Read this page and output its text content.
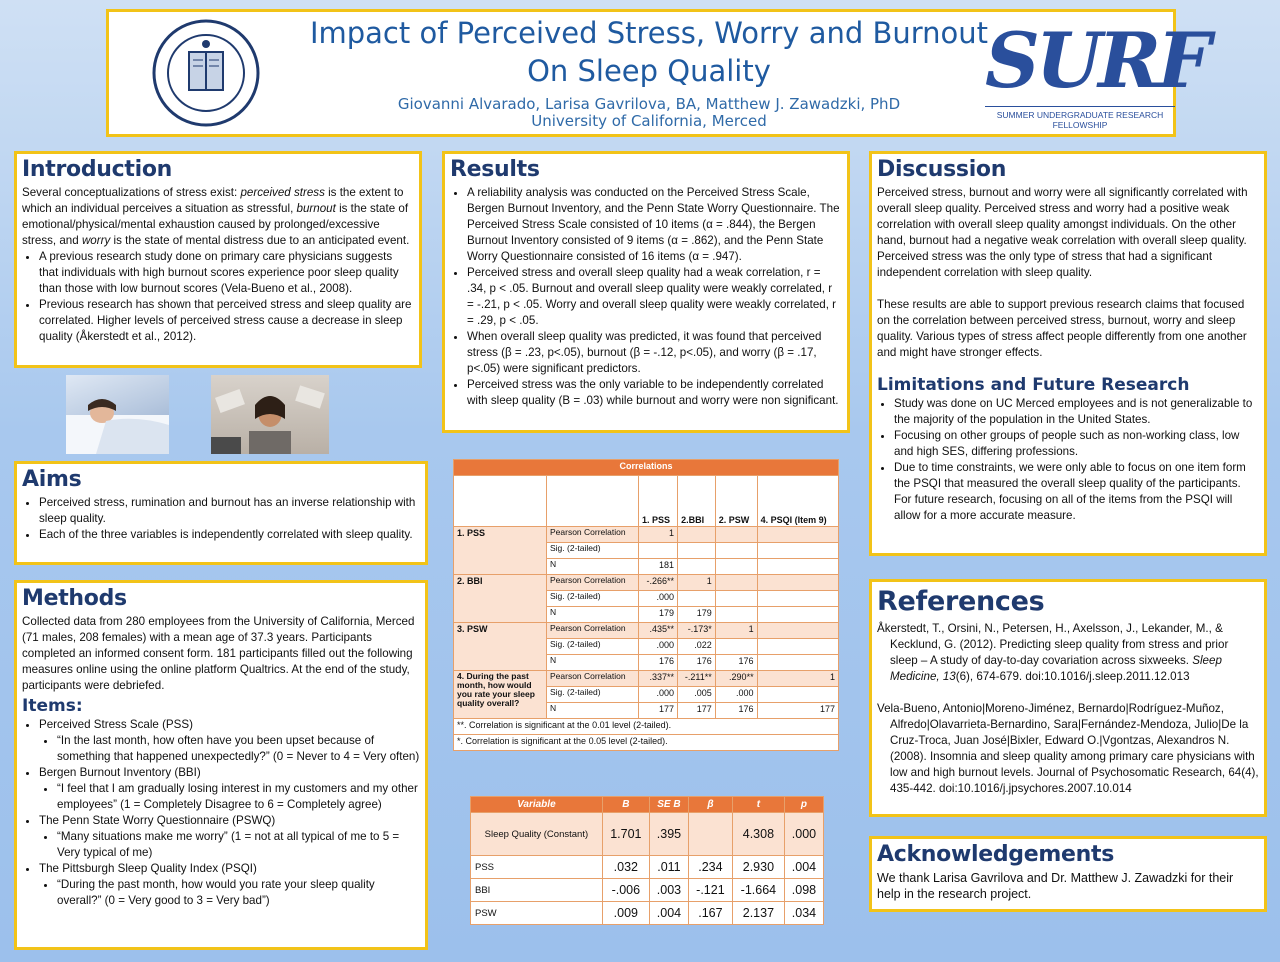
Impact of Perceived Stress, Worry and Burnout
On Sleep Quality
Giovanni Alvarado, Larisa Gavrilova, BA, Matthew J. Zawadzki, PhD
University of California, Merced
SURF
SUMMER UNDERGRADUATE RESEARCH FELLOWSHIP
Introduction

Several conceptualizations of stress exist: perceived stress is the extent to which an individual perceives a situation as stressful, burnout is the state of emotional/physical/mental exhaustion caused by prolonged/excessive stress, and worry is the state of mental distress due to an anticipated event.

• A previous research study done on primary care physicians suggests that individuals with high burnout scores experience poor sleep quality than those with low burnout scores (Vela-Bueno et al., 2008).
• Previous research has shown that perceived stress and sleep quality are correlated. Higher levels of perceived stress cause a decrease in sleep quality (Åkerstedt et al., 2012).
Aims
• Perceived stress, rumination and burnout has an inverse relationship with sleep quality.
• Each of the three variables is independently correlated with sleep quality.
Methods

Collected data from 280 employees from the University of California, Merced (71 males, 208 females) with a mean age of 37.3 years. Participants completed an informed consent form. 181 participants filled out the following measures online using the online platform Qualtrics. At the end of the study, participants were debriefed.

Items:
• Perceived Stress Scale (PSS)
• “In the last month, how often have you been upset because of something that happened unexpectedly?” (0 = Never to 4 = Very often)
• Bergen Burnout Inventory (BBI)
• “I feel that I am gradually losing interest in my customers and my other employees” (1 = Completely Disagree to 6 = Completely agree)
• The Penn State Worry Questionnaire (PSWQ)
• “Many situations make me worry” (1 = not at all typical of me to 5 = Very typical of me)
• The Pittsburgh Sleep Quality Index (PSQI)
• “During the past month, how would you rate your sleep quality overall?” (0 = Very good to 3 = Very bad”)
Results
• A reliability analysis was conducted on the Perceived Stress Scale, Bergen Burnout Inventory, and the Penn State Worry Questionnaire. The Perceived Stress Scale consisted of 10 items (α = .844), the Bergen Burnout Inventory consisted of 9 items (α = .862), and the Penn State Worry Questionnaire consisted of 16 items (α = .947).
• Perceived stress and overall sleep quality had a weak correlation, r = .34, p < .05. Burnout and overall sleep quality were weakly correlated, r = -.21, p < .05. Worry and overall sleep quality were weakly correlated, r = .29, p < .05.
• When overall sleep quality was predicted, it was found that perceived stress (β = .23, p<.05), burnout (β = -.12, p<.05), and worry (β = .17, p<.05) were significant predictors.
• Perceived stress was the only variable to be independently correlated with sleep quality (B = .03) while burnout and worry were non significant.
Correlations					
		1. PSS	2.BBI	2. PSW	4. PSQI (Item 9)
1. PSS	Pearson Correlation	1			
	Sig. (2-tailed)				
	N	181			
2. BBI	Pearson Correlation	-.266**	1		
	Sig. (2-tailed)	.000			
	N	179	179		
3. PSW	Pearson Correlation	.435**	-.173*	1	
	Sig. (2-tailed)	.000	.022		
	N	176	176	176	
4. During the past month, how would you rate your sleep quality overall?	Pearson Correlation	.337**	-.211**	.290**	1
	Sig. (2-tailed)	.000	.005	.000	
	N	177	177	176	177
**. Correlation is significant at the 0.01 level (2-tailed).					
*. Correlation is significant at the 0.05 level (2-tailed).					
Variable	B	SE B	β	t	p
Sleep Quality (Constant)	1.701	.395		4.308	.000
PSS	.032	.011	.234	2.930	.004
BBI	-.006	.003	-.121	-1.664	.098
PSW	.009	.004	.167	2.137	.034
Discussion

Perceived stress, burnout and worry were all significantly correlated with overall sleep quality. Perceived stress and worry had a positive weak correlation with overall sleep quality amongst individuals. On the other hand, burnout had a negative weak correlation with overall sleep quality. Perceived stress was the only type of stress that had a significant independent correlation with sleep quality.

These results are able to support previous research claims that focused on the correlation between perceived stress, burnout, worry and sleep quality. Various types of stress affect people differently from one another and might have stronger effects.

Limitations and Future Research
• Study was done on UC Merced employees and is not generalizable to the majority of the population in the United States.
• Focusing on other groups of people such as non-working class, low and high SES, differing professions.
• Due to time constraints, we were only able to focus on one item form the PSQI that measured the overall sleep quality of the participants. For future research, focusing on all of the items from the PSQI will allow for a more accurate measure.
References

Åkerstedt, T., Orsini, N., Petersen, H., Axelsson, J., Lekander, M., & Kecklund, G. (2012). Predicting sleep quality from stress and prior sleep – A study of day-to-day covariation across sixweeks. Sleep Medicine, 13(6), 674-679. doi:10.1016/j.sleep.2011.12.013

Vela-Bueno, Antonio|Moreno-Jiménez, Bernardo|Rodríguez-Muñoz, Alfredo|Olavarrieta-Bernardino, Sara|Fernández-Mendoza, Julio|De la Cruz-Troca, Juan José|Bixler, Edward O.|Vgontzas, Alexandros N. (2008). Insomnia and sleep quality among primary care physicians with low and high burnout levels. Journal of Psychosomatic Research, 64(4), 435-442. doi:10.1016/j.jpsychores.2007.10.014

Acknowledgements

We thank Larisa Gavrilova and Dr. Matthew J. Zawadzki for their help in the research project.
